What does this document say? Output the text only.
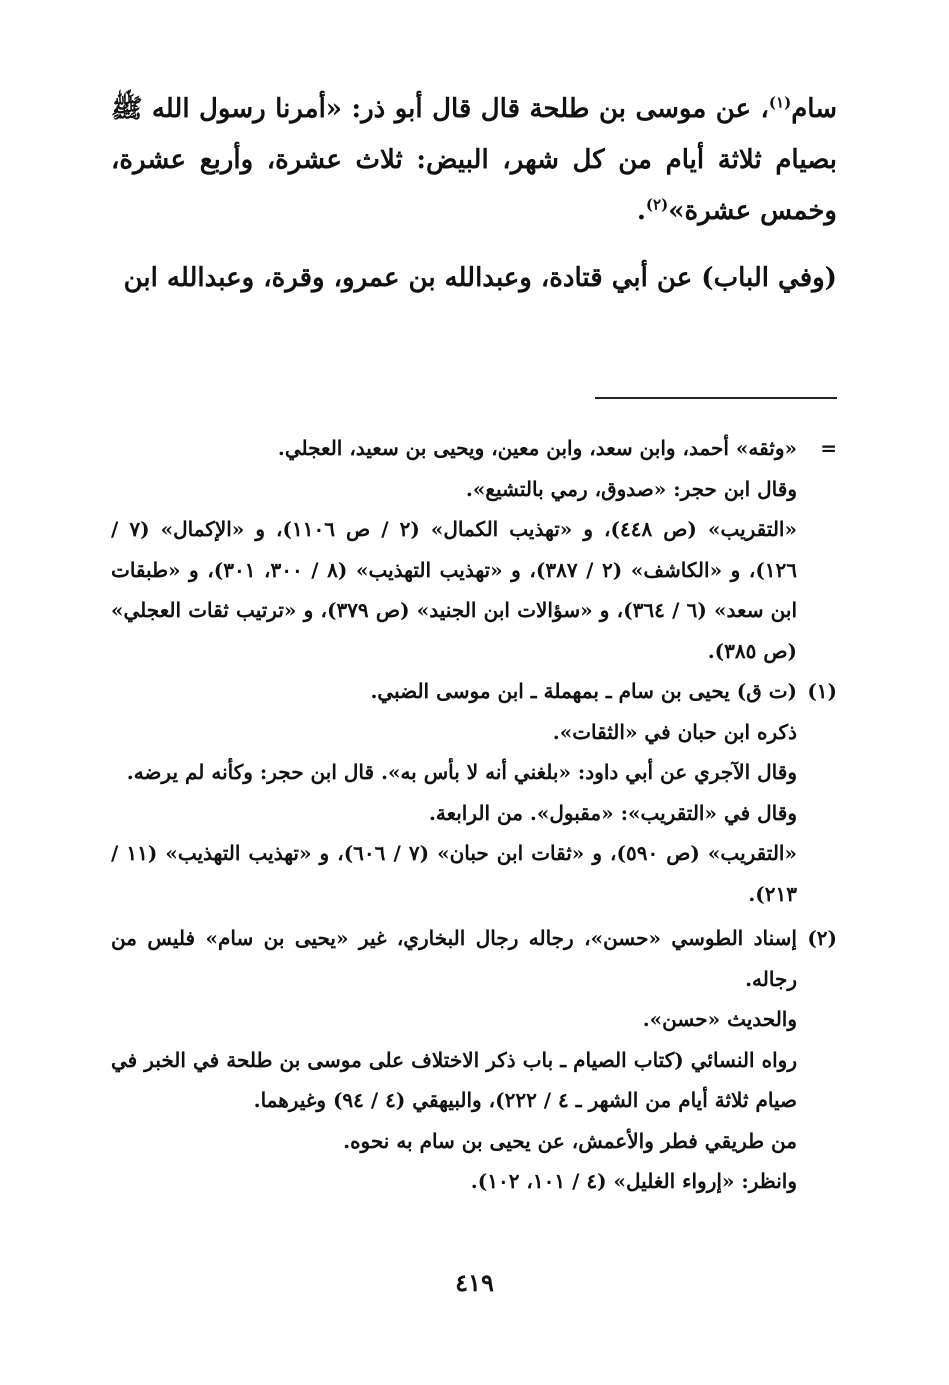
سام$^{(١)}$، عن موسى بن طلحة قال قال أبو ذر: «أمرنا رسول الله ﷺ بصيام ثلاثة أيام من كل شهر، البيض: ثلاث عشرة، وأربع عشرة، وخمس عشرة»$^{(٢)}$.

(وفي الباب) عن أبي قتادة، وعبدالله بن عمرو، وقرة، وعبدالله ابن

=
«وثقه» أحمد، وابن سعد، وابن معين، ويحيى بن سعيد، العجلي.
وقال ابن حجر: «صدوق، رمي بالتشيع».
«التقريب» (ص ٤٤٨)، و «تهذيب الكمال» (٢ / ص ١١٠٦)، و «الإكمال» (٧ / ١٢٦)، و «الكاشف» (٢ / ٣٨٧)، و «تهذيب التهذيب» (٨ / ٣٠٠، ٣٠١)، و «طبقات ابن سعد» (٦ / ٣٦٤)، و «سؤالات ابن الجنيد» (ص ٣٧٩)، و «ترتيب ثقات العجلي» (ص ٣٨٥).
(١)
(ت ق) يحيى بن سام ـ بمهملة ـ ابن موسى الضبي.
ذكره ابن حبان في «الثقات».
وقال الآجري عن أبي داود: «بلغني أنه لا بأس به». قال ابن حجر: وكأنه لم يرضه.
وقال في «التقريب»: «مقبول». من الرابعة.
«التقريب» (ص ٥٩٠)، و «ثقات ابن حبان» (٧ / ٦٠٦)، و «تهذيب التهذيب» (١١ / ٢١٣).
(٢)
إسناد الطوسي «حسن»، رجاله رجال البخاري، غير «يحيى بن سام» فليس من رجاله.
والحديث «حسن».
رواه النسائي (كتاب الصيام ـ باب ذكر الاختلاف على موسى بن طلحة في الخبر في صيام ثلاثة أيام من الشهر ـ ٤ / ٢٢٢)، والبيهقي (٤ / ٩٤) وغيرهما.
من طريقي فطر والأعمش، عن يحيى بن سام به نحوه.
وانظر: «إرواء الغليل» (٤ / ١٠١، ١٠٢).
٤١٩
